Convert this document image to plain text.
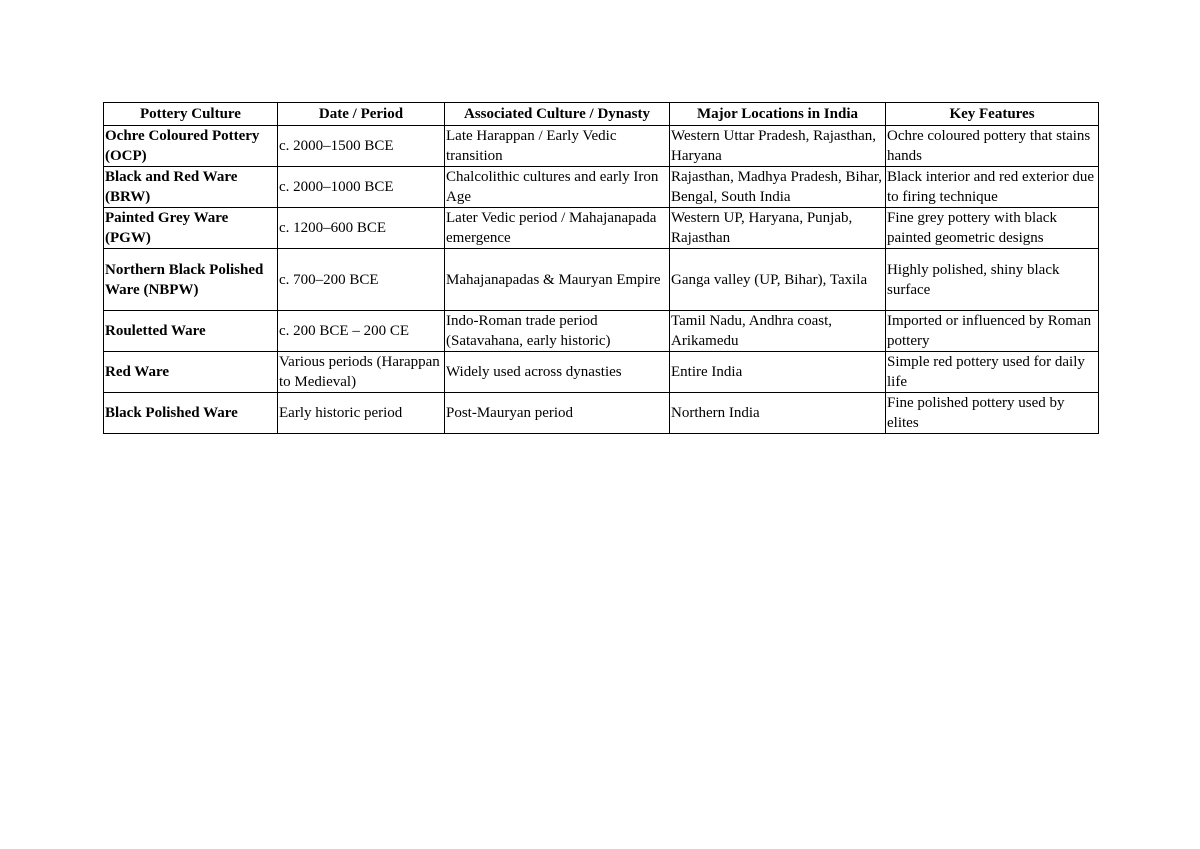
Pottery Culture	Date / Period	Associated Culture / Dynasty	Major Locations in India	Key Features
Ochre Coloured Pottery (OCP)	c. 2000–1500 BCE	Late Harappan / Early Vedic transition	Western Uttar Pradesh, Rajasthan, Haryana	Ochre coloured pottery that stains hands
Black and Red Ware (BRW)	c. 2000–1000 BCE	Chalcolithic cultures and early Iron Age	Rajasthan, Madhya Pradesh, Bihar, Bengal, South India	Black interior and red exterior due to firing technique
Painted Grey Ware (PGW)	c. 1200–600 BCE	Later Vedic period / Mahajanapada emergence	Western UP, Haryana, Punjab, Rajasthan	Fine grey pottery with black painted geometric designs
Northern Black Polished Ware (NBPW)	c. 700–200 BCE	Mahajanapadas & Mauryan Empire	Ganga valley (UP, Bihar), Taxila	Highly polished, shiny black surface
Rouletted Ware	c. 200 BCE – 200 CE	Indo-Roman trade period (Satavahana, early historic)	Tamil Nadu, Andhra coast, Arikamedu	Imported or influenced by Roman pottery
Red Ware	Various periods (Harappan to Medieval)	Widely used across dynasties	Entire India	Simple red pottery used for daily life
Black Polished Ware	Early historic period	Post-Mauryan period	Northern India	Fine polished pottery used by elites
